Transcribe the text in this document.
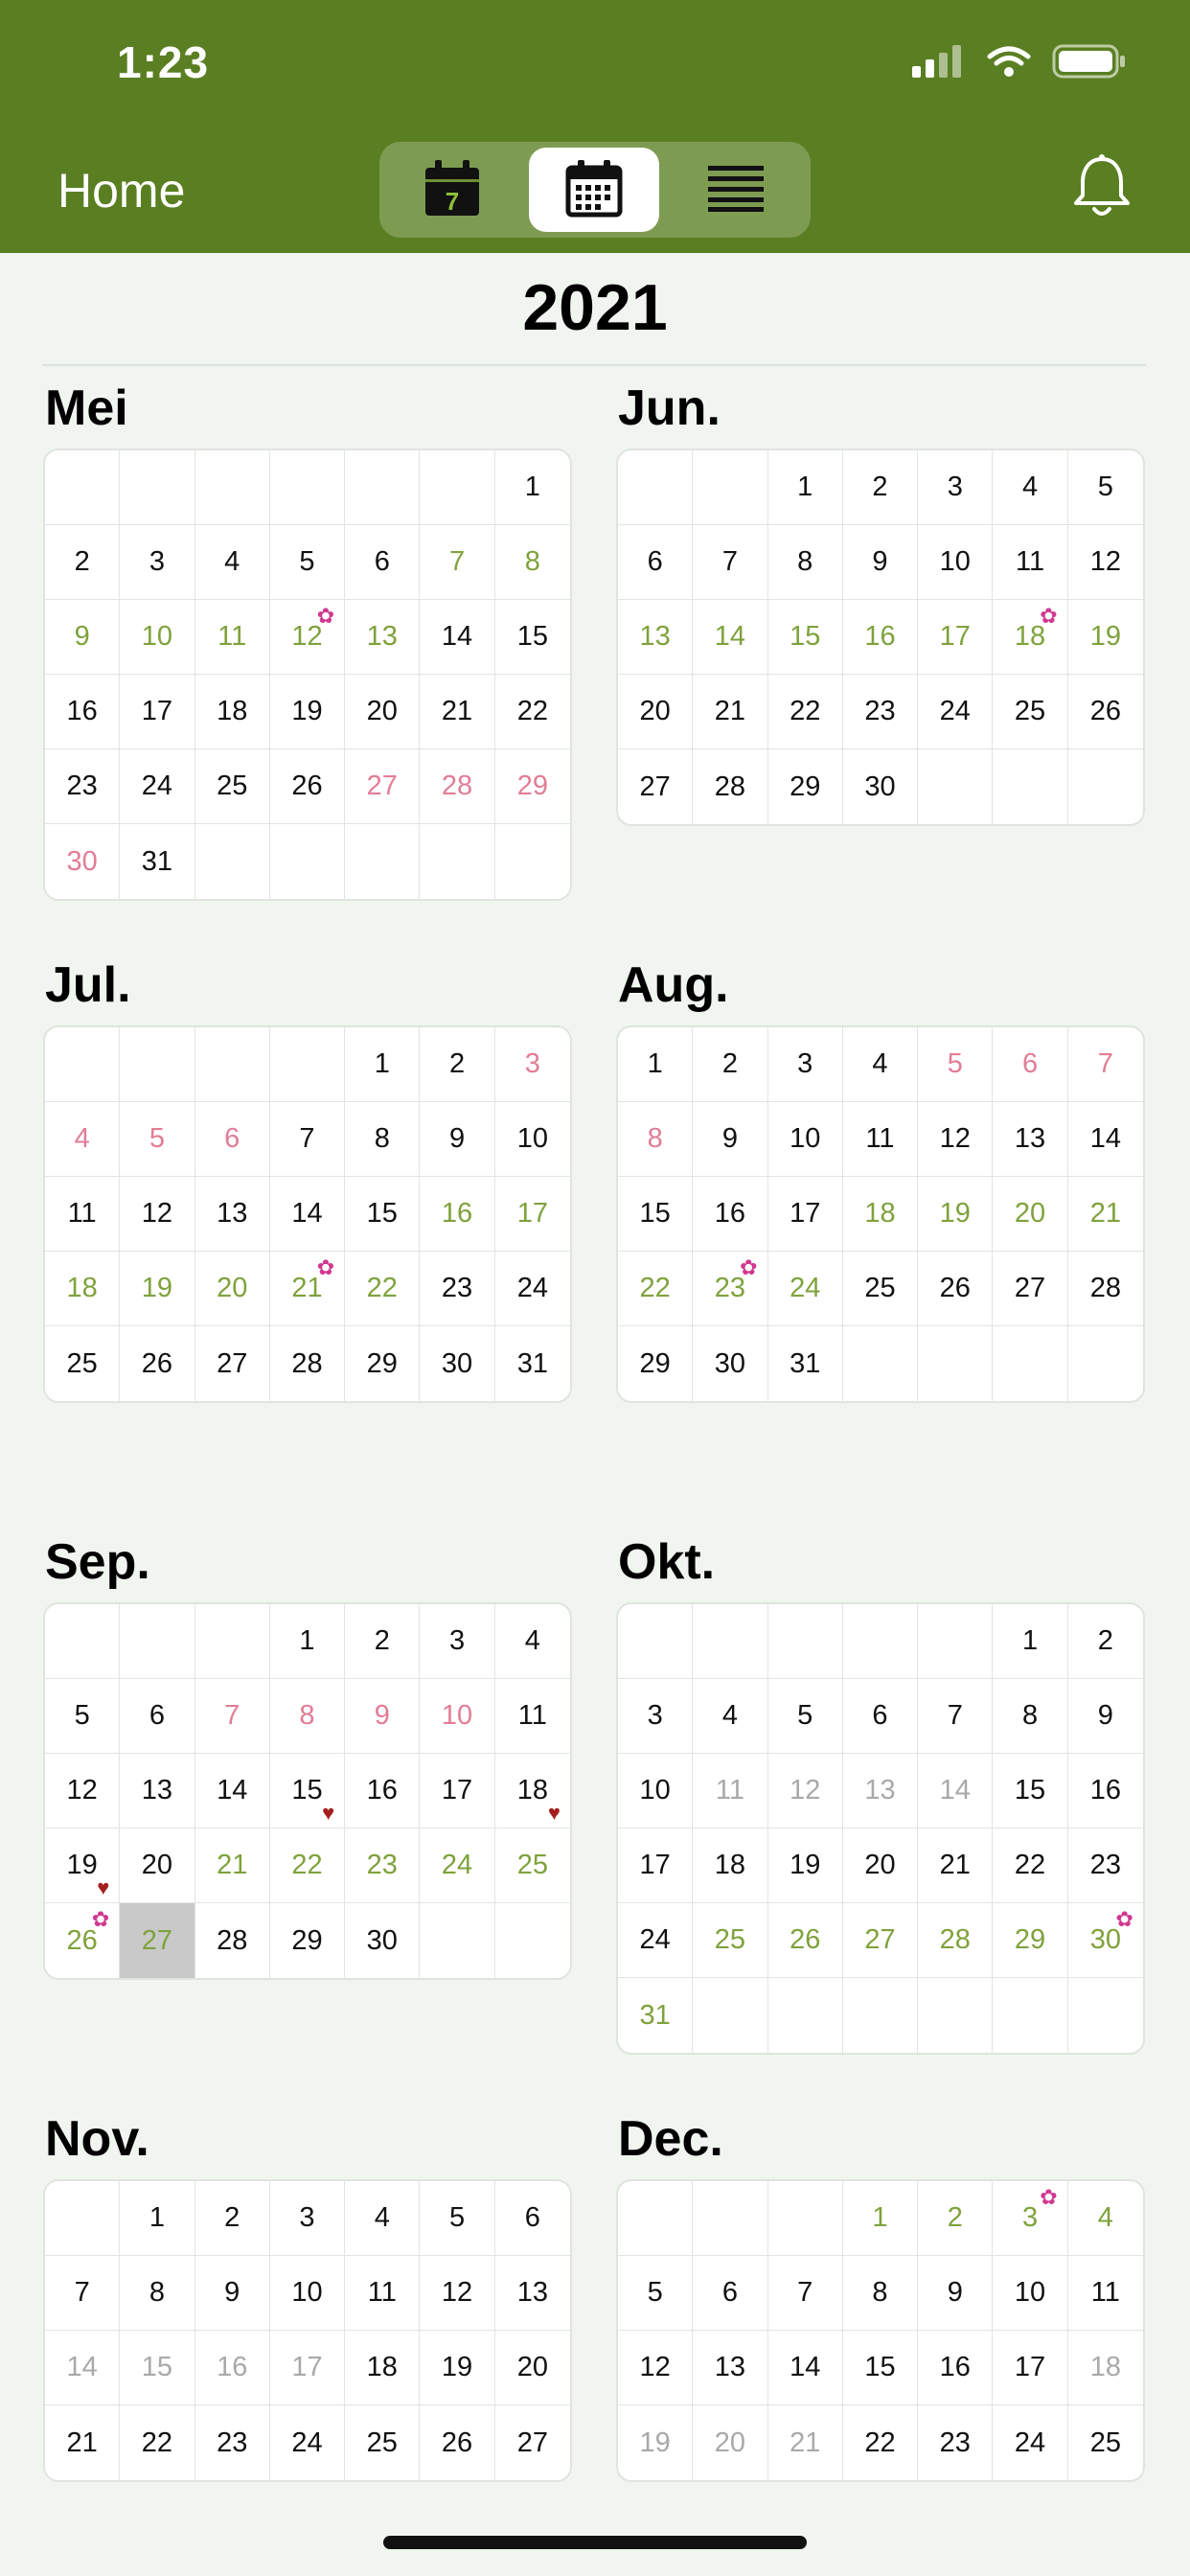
1:23
Home	7
2021
Mei
1
2 3 4 5 6 7 8
9 10 11 12
✿
13 14 15
16 17 18 19 20 21 22
23 24 25 26 27 28 29
30 31
Jun.
1 2 3 4 5
6 7 8 9 10 11 12
13 14 15 16 17 18
✿
19
20 21 22 23 24 25 26
27 28 29 30
Jul.
1 2 3
4 5 6 7 8 9 10
11 12 13 14 15 16 17
18 19 20 21
✿
22 23 24
25 26 27 28 29 30 31
Aug.
1 2 3 4 5 6 7
8 9 10 11 12 13 14
15 16 17 18 19 20 21
22 23
✿
24 25 26 27 28
29 30 31
Sep.
1 2 3 4
5 6 7 8 9 10 11
12 13 14 15
♥
16 17 18
♥
19
♥
20 21 22 23 24 25
26
✿
27 28 29 30
Okt.
1 2
3 4 5 6 7 8 9
10 11 12 13 14 15 16
17 18 19 20 21 22 23
24 25 26 27 28 29 30
✿
31
Nov.
1 2 3 4 5 6
7 8 9 10 11 12 13
14 15 16 17 18 19 20
21 22 23 24 25 26 27
Dec.
1 2 3
✿
4
5 6 7 8 9 10 11
12 13 14 15 16 17 18
19 20 21 22 23 24 25
